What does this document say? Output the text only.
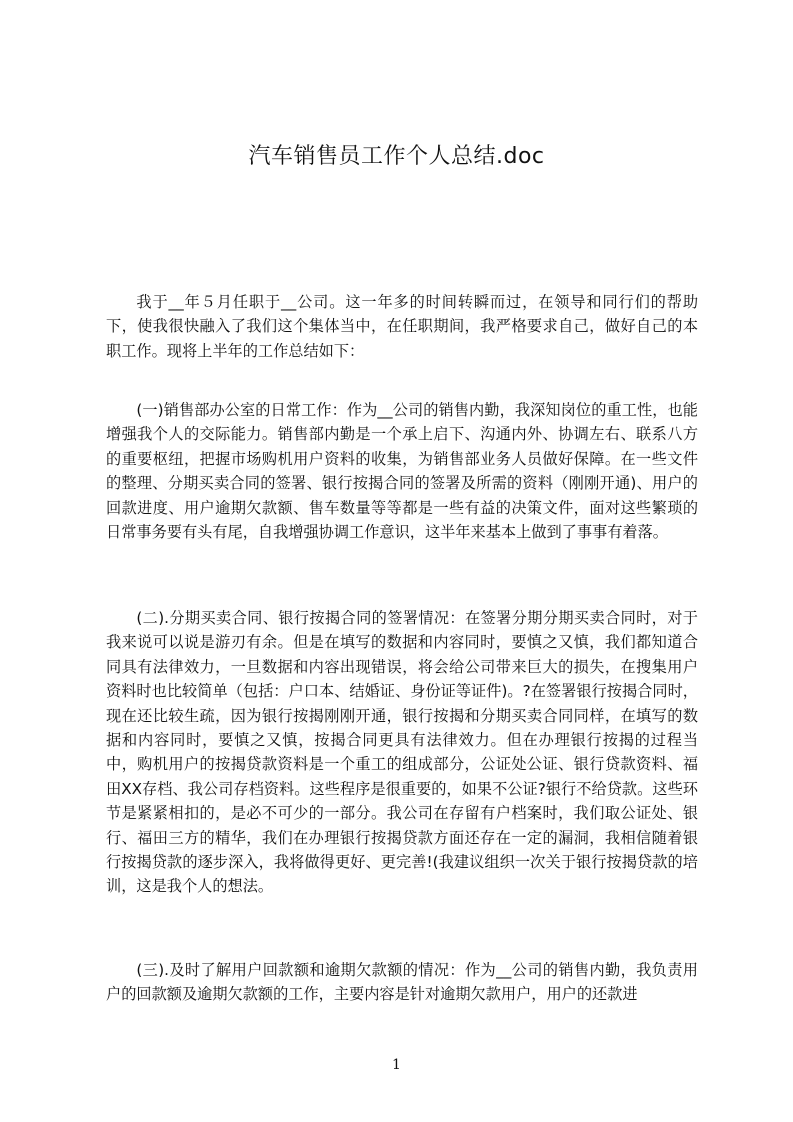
汽车销售员工作个人总结.doc

我于__年５月任职于__公司。这一年多的时间转瞬而过，在领导和同行们的帮助下，使我很快融入了我们这个集体当中，在任职期间，我严格要求自己，做好自己的本职工作。现将上半年的工作总结如下：

(一)销售部办公室的日常工作：作为__公司的销售内勤，我深知岗位的重工性，也能增强我个人的交际能力。销售部内勤是一个承上启下、沟通内外、协调左右、联系八方的重要枢纽，把握市场购机用户资料的收集，为销售部业务人员做好保障。在一些文件的整理、分期买卖合同的签署、银行按揭合同的签署及所需的资料（刚刚开通)、用户的回款进度、用户逾期欠款额、售车数量等等都是一些有益的决策文件，面对这些繁琐的日常事务要有头有尾，自我增强协调工作意识，这半年来基本上做到了事事有着落。

(二).分期买卖合同、银行按揭合同的签署情况：在签署分期分期买卖合同时，对于我来说可以说是游刃有余。但是在填写的数据和内容同时，要慎之又慎，我们都知道合同具有法律效力，一旦数据和内容出现错误，将会给公司带来巨大的损失，在搜集用户资料时也比较简单（包括：户口本、结婚证、身份证等证件)。?在签署银行按揭合同时，现在还比较生疏，因为银行按揭刚刚开通，银行按揭和分期买卖合同同样，在填写的数据和内容同时，要慎之又慎，按揭合同更具有法律效力。但在办理银行按揭的过程当中，购机用户的按揭贷款资料是一个重工的组成部分，公证处公证、银行贷款资料、福田XX存档、我公司存档资料。这些程序是很重要的，如果不公证?银行不给贷款。这些环节是紧紧相扣的，是必不可少的一部分。我公司在存留有户档案时，我们取公证处、银行、福田三方的精华，我们在办理银行按揭贷款方面还存在一定的漏洞，我相信随着银行按揭贷款的逐步深入，我将做得更好、更完善!(我建议组织一次关于银行按揭贷款的培训，这是我个人的想法。

(三).及时了解用户回款额和逾期欠款额的情况：作为__公司的销售内勤，我负责用户的回款额及逾期欠款额的工作，主要内容是针对逾期欠款用户，用户的还款进

1
